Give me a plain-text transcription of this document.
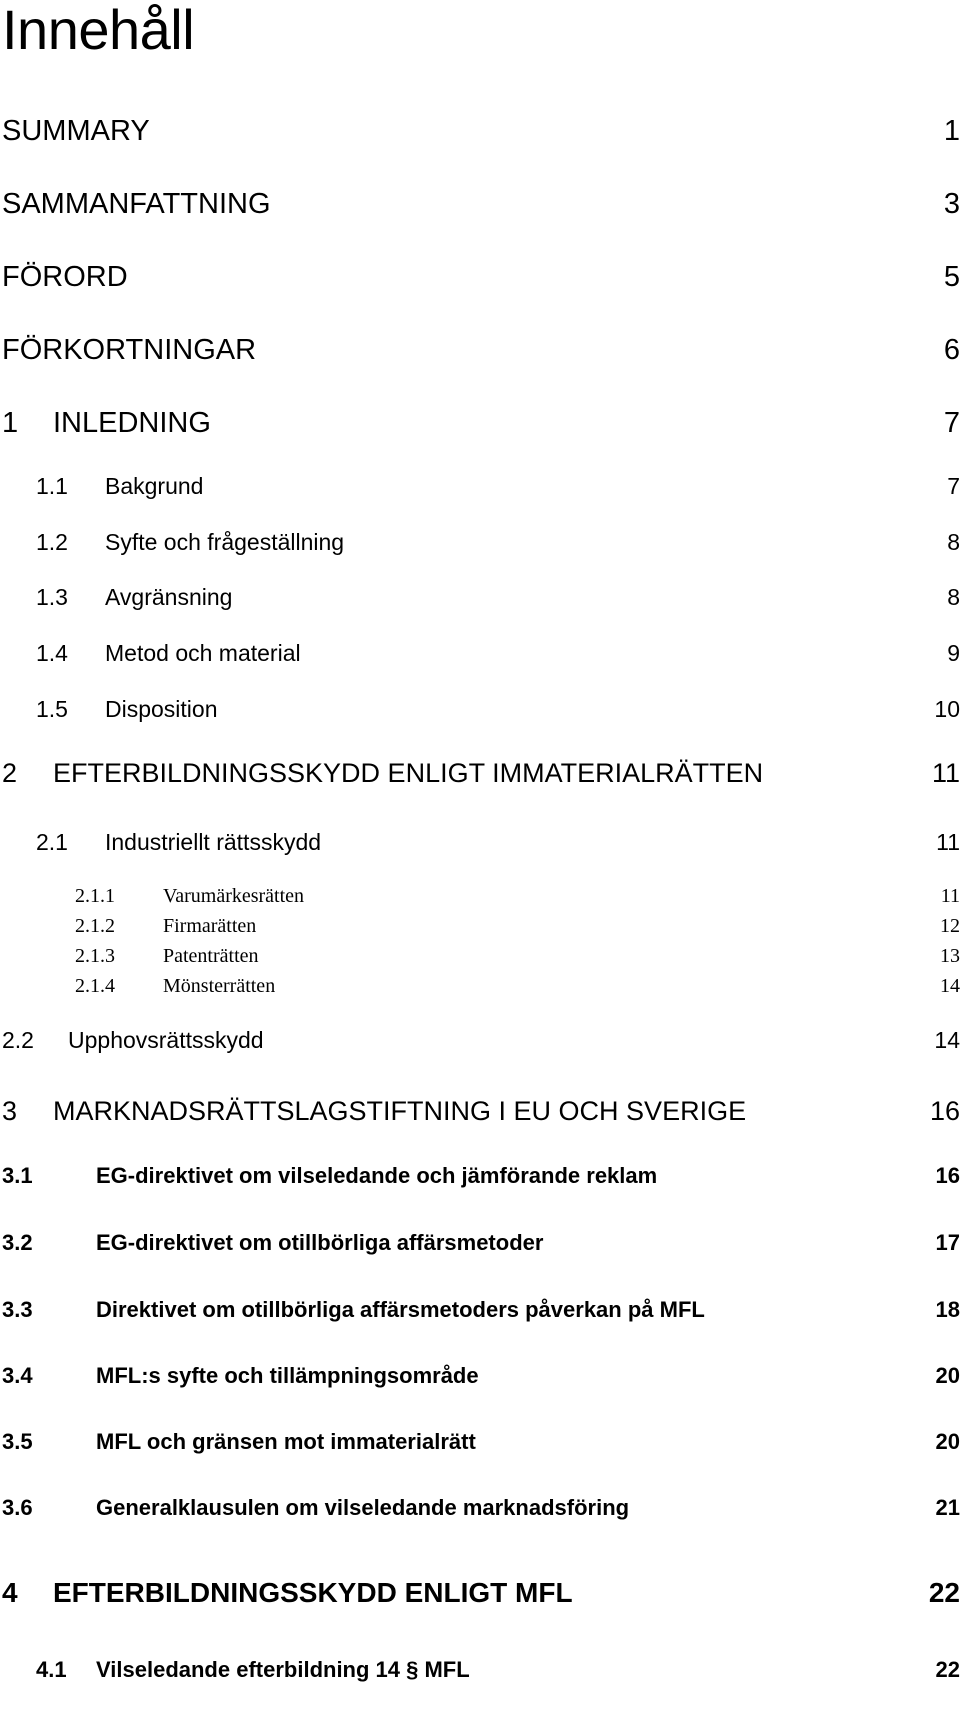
Innehåll
SUMMARY	1
SAMMANFATTNING	3
FÖRORD	5
FÖRKORTNINGAR	6
1 INLEDNING	7
1.1 Bakgrund	7
1.2 Syfte och frågeställning	8
1.3 Avgränsning	8
1.4 Metod och material	9
1.5 Disposition	10
2 EFTERBILDNINGSSKYDD ENLIGT IMMATERIALRÄTTEN	11
2.1 Industriellt rättsskydd	11
2.1.1 Varumärkesrätten	11
2.1.2 Firmarätten	12
2.1.3 Patenträtten	13
2.1.4 Mönsterrätten	14
2.2 Upphovsrättsskydd	14
3 MARKNADSRÄTTSLAGSTIFTNING I EU OCH SVERIGE	16
3.1	EG-direktivet om vilseledande och jämförande reklam	16
3.2	EG-direktivet om otillbörliga affärsmetoder	17
3.3	Direktivet om otillbörliga affärsmetoders påverkan på MFL	18
3.4	MFL:s syfte och tillämpningsområde	20
3.5	MFL och gränsen mot immaterialrätt	20
3.6	Generalklausulen om vilseledande marknadsföring	21
4 EFTERBILDNINGSSKYDD ENLIGT MFL	22
4.1 Vilseledande efterbildning 14 § MFL	22
